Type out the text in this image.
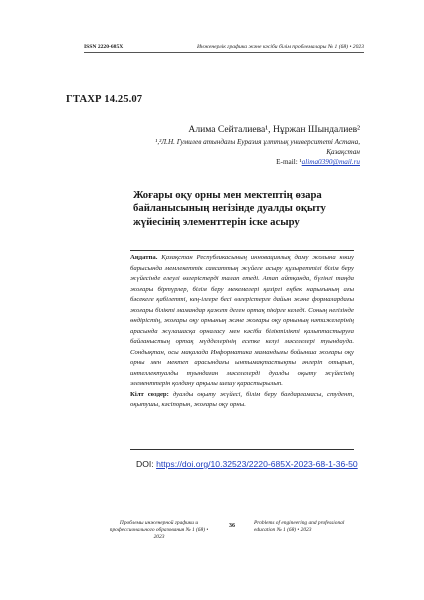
ISSN 2220-685X	Инженерлік графика және кәсіби білім проблемалары № 1 (68) • 2023
ГТАХР 14.25.07
Алима Сейталиева¹, Нұржан Шындалиев²
¹,²Л.Н. Гумилев атындағы Еуразия ұлттық университеті Астана, Қазақстан
E-mail: ¹alima0390@mail.ru
Жоғары оқу орны мен мектептің өзара байланысының негізінде дуалды оқыту жүйесінің элементтерін іске асыру
Аңдатпа. Қазақстан Республикасының инновациялық даму жолына көшу барысында мемлекеттік саясаттың жүйеге асыру құзыреттілі білім беру жүйесінде елеулі өзгерістерді талап етеді. Атап айтқанда, бүгінгі таңда жоғары біртүрлер, білім беру мекемелері қазіргі еңбек нарығының ағы бәсекеге қабілетті, кең-ілгере бесі өзгерістерге дайын және формалардағы жоғары білікті мамандар қажет деген ортақ пікірге келеді. Соның негізінде өндірістің, жоғары оқу орнының және жоғары оқу орнының нәтижелерінің арасында жүлашасқа орналасу мен кәсіби біліктілікті қалыптастыруға байланыстың ортақ мүдделерінің есепке келуі мәселелері туындауда. Сондықтан, осы мақалада Информатика мамандығы бойынша жоғары оқу орны мен мектеп арасындағы ынтымақтастықты әнгеріп отырып, интеллектуалды туындаған мәселелерді дуалды оқыту жүйесінің элементтерін қолдану арқылы шешу қарастырылып.
Кілт сөздер: дуалды оқыту жүйесі, білім беру бағдарламасы, студент, оқытушы, кәсіпорын, жоғары оқу орны.
DOI: https://doi.org/10.32523/2220-685X-2023-68-1-36-50
Проблемы инженерной графики и профессионального образования № 1 (68) • 2023
36	Problems of engineering and professional education № 1 (68) • 2023
